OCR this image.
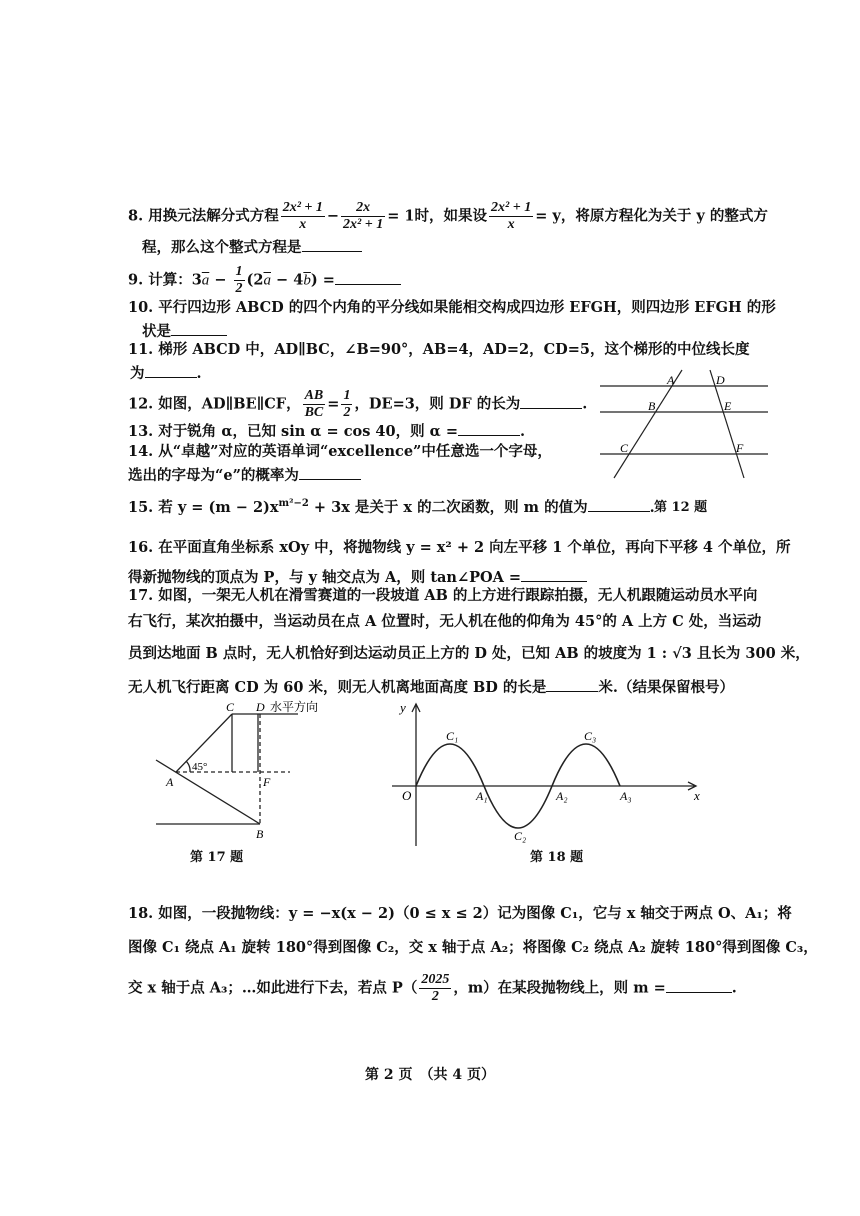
8. 用换元法解分式方程 $\frac{\text{2x² + 1}}{x} - \frac{2x}{\text{2x² + 1}} = 1$时，如果设 $\frac{\text{2x² + 1}}{x} = y$，将原方程化为关于 y 的整式方
程，那么这个整式方程是
9. 计算：$3\overline{a} - \frac{1}{2} (2\overline{a} - 4\overline{b})$ =
10. 平行四边形 ABCD 的四个内角的平分线如果能相交构成四边形 EFGH，则四边形 EFGH 的形
状是
11. 梯形 ABCD 中，AD∥BC，∠B=90°，AB=4，AD=2，CD=5，这个梯形的中位线长度
为	.
12. 如图，AD∥BE∥CF， $\frac{AB}{BC} = \frac{1}{2}$ ，DE=3，则 DF 的长为	.
13. 对于锐角 α，已知 sin α = cos 40，则 α =	.
14. 从“卓越”对应的英语单词“excellence”中任意选一个字母，
选出的字母为“e”的概率为
15. 若 $y = (m - 2)x^{m^2-2} + 3x$ 是关于 x 的二次函数，则 m 的值为	.
A	D
B	E
C	F
第 12 题
16. 在平面直角坐标系 xOy 中，将抛物线 y = x² + 2 向左平移 1 个单位，再向下平移 4 个单位，所
得新抛物线的顶点为 P，与 y 轴交点为 A，则 tan∠POA =
17. 如图，一架无人机在滑雪赛道的一段坡道 AB 的上方进行跟踪拍摄，无人机跟随运动员水平向
右飞行，某次拍摄中，当运动员在点 A 位置时，无人机在他的仰角为 45°的 A 上方 C 处，当运动
员到达地面 B 点时，无人机恰好到达运动员正上方的 D 处，已知 AB 的坡度为 1 : √3 且长为 300 米，
无人机飞行距离 CD 为 60 米，则无人机离地面高度 BD 的长是	米.（结果保留根号）
C D 水平方向
45°
A	F
B
第 17 题
y
x
O	A₁	A₂	A₃
C₁
C₂
C₃
第 18 题
18. 如图，一段抛物线：y = −x(x − 2)（0 ≤ x ≤ 2）记为图像 C₁，它与 x 轴交于两点 O、A₁；将
图像 C₁ 绕点 A₁ 旋转 180°得到图像 C₂，交 x 轴于点 A₂；将图像 C₂ 绕点 A₂ 旋转 180°得到图像 C₃，
交 x 轴于点 A₃；…如此进行下去，若点 $P( \frac{2025}{2}$ ，m）在某段抛物线上，则 m =	.
第 2 页　（共 4 页）
